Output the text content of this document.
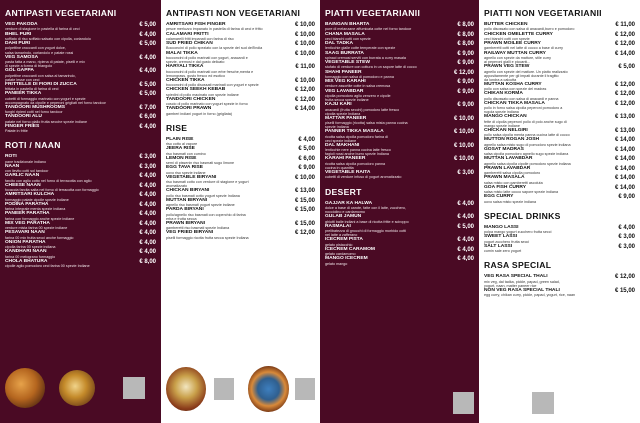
ANTIPASTI VEGETARIANI
VEG PAKODA
verdure di stagione in pastella di farina di ceci
€ 5,00
BHEL PURI
soffiato di riso soffiato salsato con cipolla, coriandolo
€ 4,00
DAHI PURI
polpettine croccanti con yogurt dolce,
salsa tamarindo, coriandolo e patate rossi
€ 5,00
VEG SAMOSA
pasta fatta a mano, ripiena di patate, piselli e mix
di spezie a forma di triangolo
€ 4,00
GOL GAPPA
polpettine croccanti con salsa al tamarindo,
patate lesse con ceci
€ 4,00
FRITTELLE DI FIORI DI ZUCCA
frittata in pastella di farina di ceci
€ 5,00
PANEER TIKKA
cubetti di formaggio marinato con yogurt e spezie
accompagnato da cipolle e peperoni grigliati nel forno tandoor
€ 5,00
TANDOORI MUSHROOMS
funghi ripieni cotti nel forno tandoor
€ 7,00
TANDOORI ALU
patate nel forno giallo frutta secche spezie indiane
€ 6,00
FINGER FRIES
Patate in fritte
€ 4,00
ROTI / NAAN
ROTI
pane tradizionale indiano
€ 3,00
NAAN
con lievito cotti sol tandoor
€ 3,00
GARLIC NAAN
farcito con aglio cotto nel forno di terracotta con aglio
€ 4,00
CHEESE NAAN
focaccia farcita salta nel forno di terracotta con formaggio
€ 4,00
AMRITSARI KULCHA
formaggio patate cipolle spezie indiane
€ 4,00
PODINA PARATHA
farina integrale menta spezie indiana
€ 4,00
PANEER PARATHA
farina con formaggio anche spezie indiane
€ 4,00
MIX VEG PARATHA
verdure mista farina 00 spezie indiane
€ 4,00
PESAVARI NAAN
farina 00 mix frutta secci anche formaggio
€ 4,00
ONION PARATHA
cipolla farina 00 spezie indiana
€ 4,00
KANDHARI NAAN
farina 00 melograno formaggio
€ 4,00
CHOLA BHATURA
cipolle aglio pomodoro ceci farina 00 spezie Indiane
€ 8,00
ANTIPASTI NON VEGETARIANI
AMRITSARI FISH FINGER
pesce merluzzo impanato in pastella di farina di ceci e fritto
€ 10,00
CALAMARI FRITTI
calamarelli fritti impanati con farina di riso
€ 10,00
SUD FRIED CHIKAN
Bocconcini di pollo speziato con la spezie del sud dell'India
€ 10,00
MALAI TIKKA
bocconcini di pollo marinati con yogurt, anacardi e
spezie, cremosi e dal gusto delicato
€ 10,00
HARYALI TIKKA
bocconcini di pollo marinati con erbe fresche,menta e
lemongrass, gusto fresco ed esotico
€ 11,00
CHICKEN TIKKA
bocconcini di pollo disossati marinati con yogurt e spezie
€ 10,00
CHICKEN SEEKH KEBAB
spiedini di pollo macinato con spezie indiane
€ 12,00
TANDOORI CHICKEN
coscio di pollo marinato con yogurt spezie in forno
€ 12,00
TANDOORI PRAWN
gamberi indiani yogurt in forno (grigliata)
€ 14,00
RISE
PLAIN RISE
riso cotto al vapore
€ 4,00
JEERA RISE
riso basmati con cumino
€ 5,00
LEMON RISE
semi di pissenin riso basmati sugo limone
€ 6,00
EGG TAVA RISE
uovo riso spezie indiane
€ 9,00
VEGETABLE BIRYANI
riso basmati cotto con verdure di stagione e yogurt
aromatizzato
€ 10,00
CHICKAN BIRYANI
pollo riso basmati cotto yogurt spezie Indiana
€ 13,00
MUTTAN BIRYANI
agnello riso basmati yogurt spezie indiane
€ 15,00
PARDA BIRYANI
pollo/agnello riso basmati con coperchio di farina
erba e frutta secca
€ 15,00
PRAWN BIRYANI
gamberetti riso basmati spezie Indiana
€ 15,00
VEG FRIED BIRYANI
piselli formaggio ricotta frutta secca spezie Indiana
€ 12,00
PIATTI VEGETARIANII
BAINGAN BHARTA
pure di melanzane affumicata cotte nel forno tandoor
€ 8,00
CHANA MASALA
ceci bianchi cotti con spezie
€ 8,00
DAL TADKA
lenticchie gialle cotte temperate con spezie
€ 8,00
SAAG BURRATA
spinaci cremosi serviti con burrata a curry masala
€ 9,00
VEGETABLE STEW
stufato di verdure con cottura in un sapore latte di cocco
€ 9,00
SHAHI PANEER
formaggio con salsa di pomodoro e panna
€ 12,00
MIX VEG KARAHI
verdure assortite cotte in salsa cremosa
€ 9,00
VEG LAVABDAR
cipolla pomodoro aglio zenzero e cipolle
frutta secca spezie indiane
€ 9,00
KAJU KARI
anacardi (frutta secchi) pomodoro latte fresco
cipolla spezie Indiana
€ 9,00
MATTAR PANEER
piselli formaggio (ricotta) salsa mista panna cucina
spezie Indiana
€ 10,00
PANNER TIKKA MASALA
ricotta salsa cipolla pomodoro farina di
ceci spezie indiane
€ 10,00
DAL MAKHANI
lenticchie nere panna cucina latte fresco
fagioli rossi anche burro spezie Indiana
€ 10,00
KARAHI PANEER
ricotta salsa cipolla pomodoro panna
cucina in quantita
€ 10,00
VEGETABLE RAITA
cubetti di verdure infuso di yogurt aromatizzato
€ 3,00
DESERT
GAJJAR KA HALWA
dolce a base di carote, fatte con il latte, zucchero,
nocciolino e cardamomo
€ 4,00
GULAB JAMUN
ghiotti balle indiani a base di ricotta fritte e sciroppo
€ 4,00
RASMALAI
prelibatezza di gnocchi di formaggio morbido cotti
nel latte a zafferano
€ 5,00
ICECREM PISTA
gelato pistacchio
€ 4,00
ICECREM CARAMOM
gelato cardamomo
€ 4,00
MANGO ICECREM
gelato mango
€ 4,00
PIATTI NON VEGETARIANII
BUTTER CHICKEN
pollo disossato con salsa di anacardi,burro e pomodoro
€ 11,00
CHICKEN OMELETTE CURRY
ceci bianchi cotti con spezie
€ 12,00
PRAWN MOILEE CURRY
gamberetti cotti nel latte di cocco a base di curry
€ 12,00
RAILWAY MUTTAN CURRY
agnello con spezie da matture, stile curry
ai peperoni gialli e piccanti...
€ 14,00
PRAWN VEG STEW
agnello con spezie del matture. Un piatto realizzato
appositamente per gli impati durante il tragitto
da londra a calcutta
€ 5,00
MUTTAN KOSHA CURRY
pollo con salsa con spezie del madras
€ 12,00
CHIKAN KORMA
pollo disossato con salsa di anacardi e panna
€ 12,00
CHICKAN TIKKA MASALA
pollo in forno salsa cipolla peperoni pomodoro a
rugola spezie indiana
€ 12,00
MANGO CHICKAN
fette di cipolla peperoni pollo di polo anche sugo di
mango spezie indiane
€ 13,00
CHICKAN NELGIRI
pollo salsa cipolla menta panna cucina latte di cocco
€ 13,00
MUTTON ROGAN JOSH
agnello salsa misto sugo di pomodoro spezie indiana
€ 14,00
GOSAT MADRAS
salsa cipolla pomodoro agnello sugo spezie indiana
€ 14,00
MUTTAN LAVABDAR
agnello salsa cipolla cipolle pomodoro spezie indiana
€ 14,00
PRAWN LAVABDAR
gamberetti salsa cipolla pomodoro
€ 14,00
PRAWN MASALA
salsa misto con gamberetti ascoluta
€ 14,00
GOA FISH CURRY
salsa misto latte cocco sapore spezie indiana
€ 14,00
EGG CURRY
uovo salsa misto spezie indiana
€ 9,00
SPECIAL DRINKS
MANGO LASSI
polpa mango yogurt zucchero frutta secci
€ 4,00
SWEET LASSI
yogurt zucchero frutta secci
€ 3,00
SALT LASSI
cumin sale zero yogurt
€ 3,00
RASA SPECIAL
VEG RASA SPECIAL THALI
mix veg, dal tadka, pickle, papad, green salad,
yogurt, naan, matter paneer rice
€ 12,00
NON VEG RASA SPECIAL THALI
egg curry, chikan curry, pickle, papad, yogurt, rice, naan
€ 15,00
